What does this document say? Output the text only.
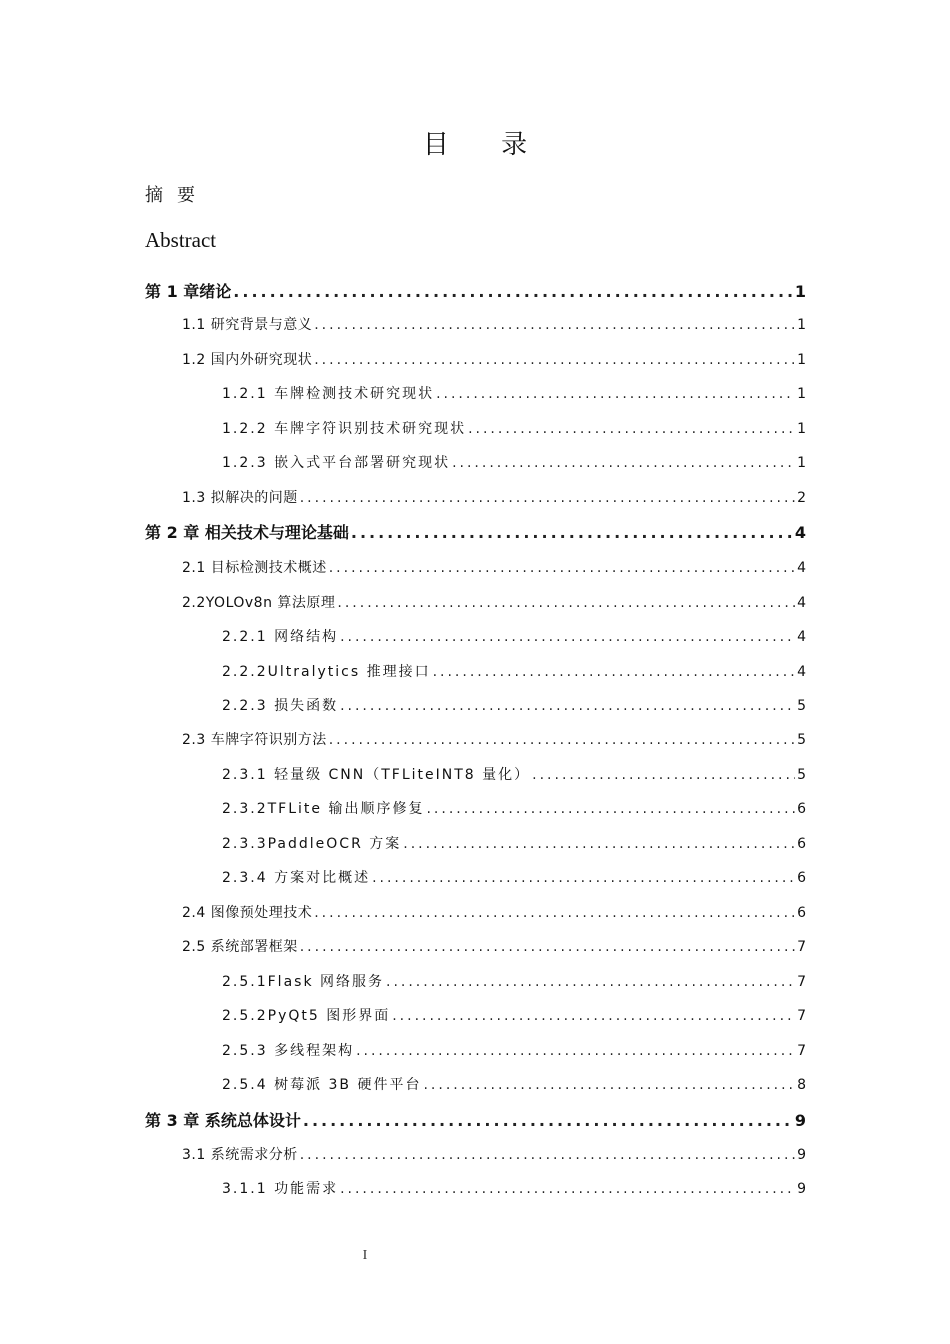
目 录
摘要
Abstract
第 1 章绪论 .....	1
1.1 研究背景与意义 .....	1
1.2 国内外研究现状 .....	1
1.2.1 车牌检测技术研究现状 .....	1
1.2.2 车牌字符识别技术研究现状 .....	1
1.2.3 嵌入式平台部署研究现状 .....	1
1.3 拟解决的问题 .....	2
第 2 章 相关技术与理论基础 .....	4
2.1 目标检测技术概述 .....	4
2.2YOLOv8n 算法原理 .....	4
2.2.1 网络结构 .....	4
2.2.2Ultralytics 推理接口 .....	4
2.2.3 损失函数 .....	5
2.3 车牌字符识别方法 .....	5
2.3.1 轻量级 CNN（TFLiteINT8 量化） .....	5
2.3.2TFLite 输出顺序修复 .....	6
2.3.3PaddleOCR 方案 .....	6
2.3.4 方案对比概述 .....	6
2.4 图像预处理技术 .....	6
2.5 系统部署框架 .....	7
2.5.1Flask 网络服务 .....	7
2.5.2PyQt5 图形界面 .....	7
2.5.3 多线程架构 .....	7
2.5.4 树莓派 3B 硬件平台 .....	8
第 3 章 系统总体设计 .....	9
3.1 系统需求分析 .....	9
3.1.1 功能需求 .....	9
I
